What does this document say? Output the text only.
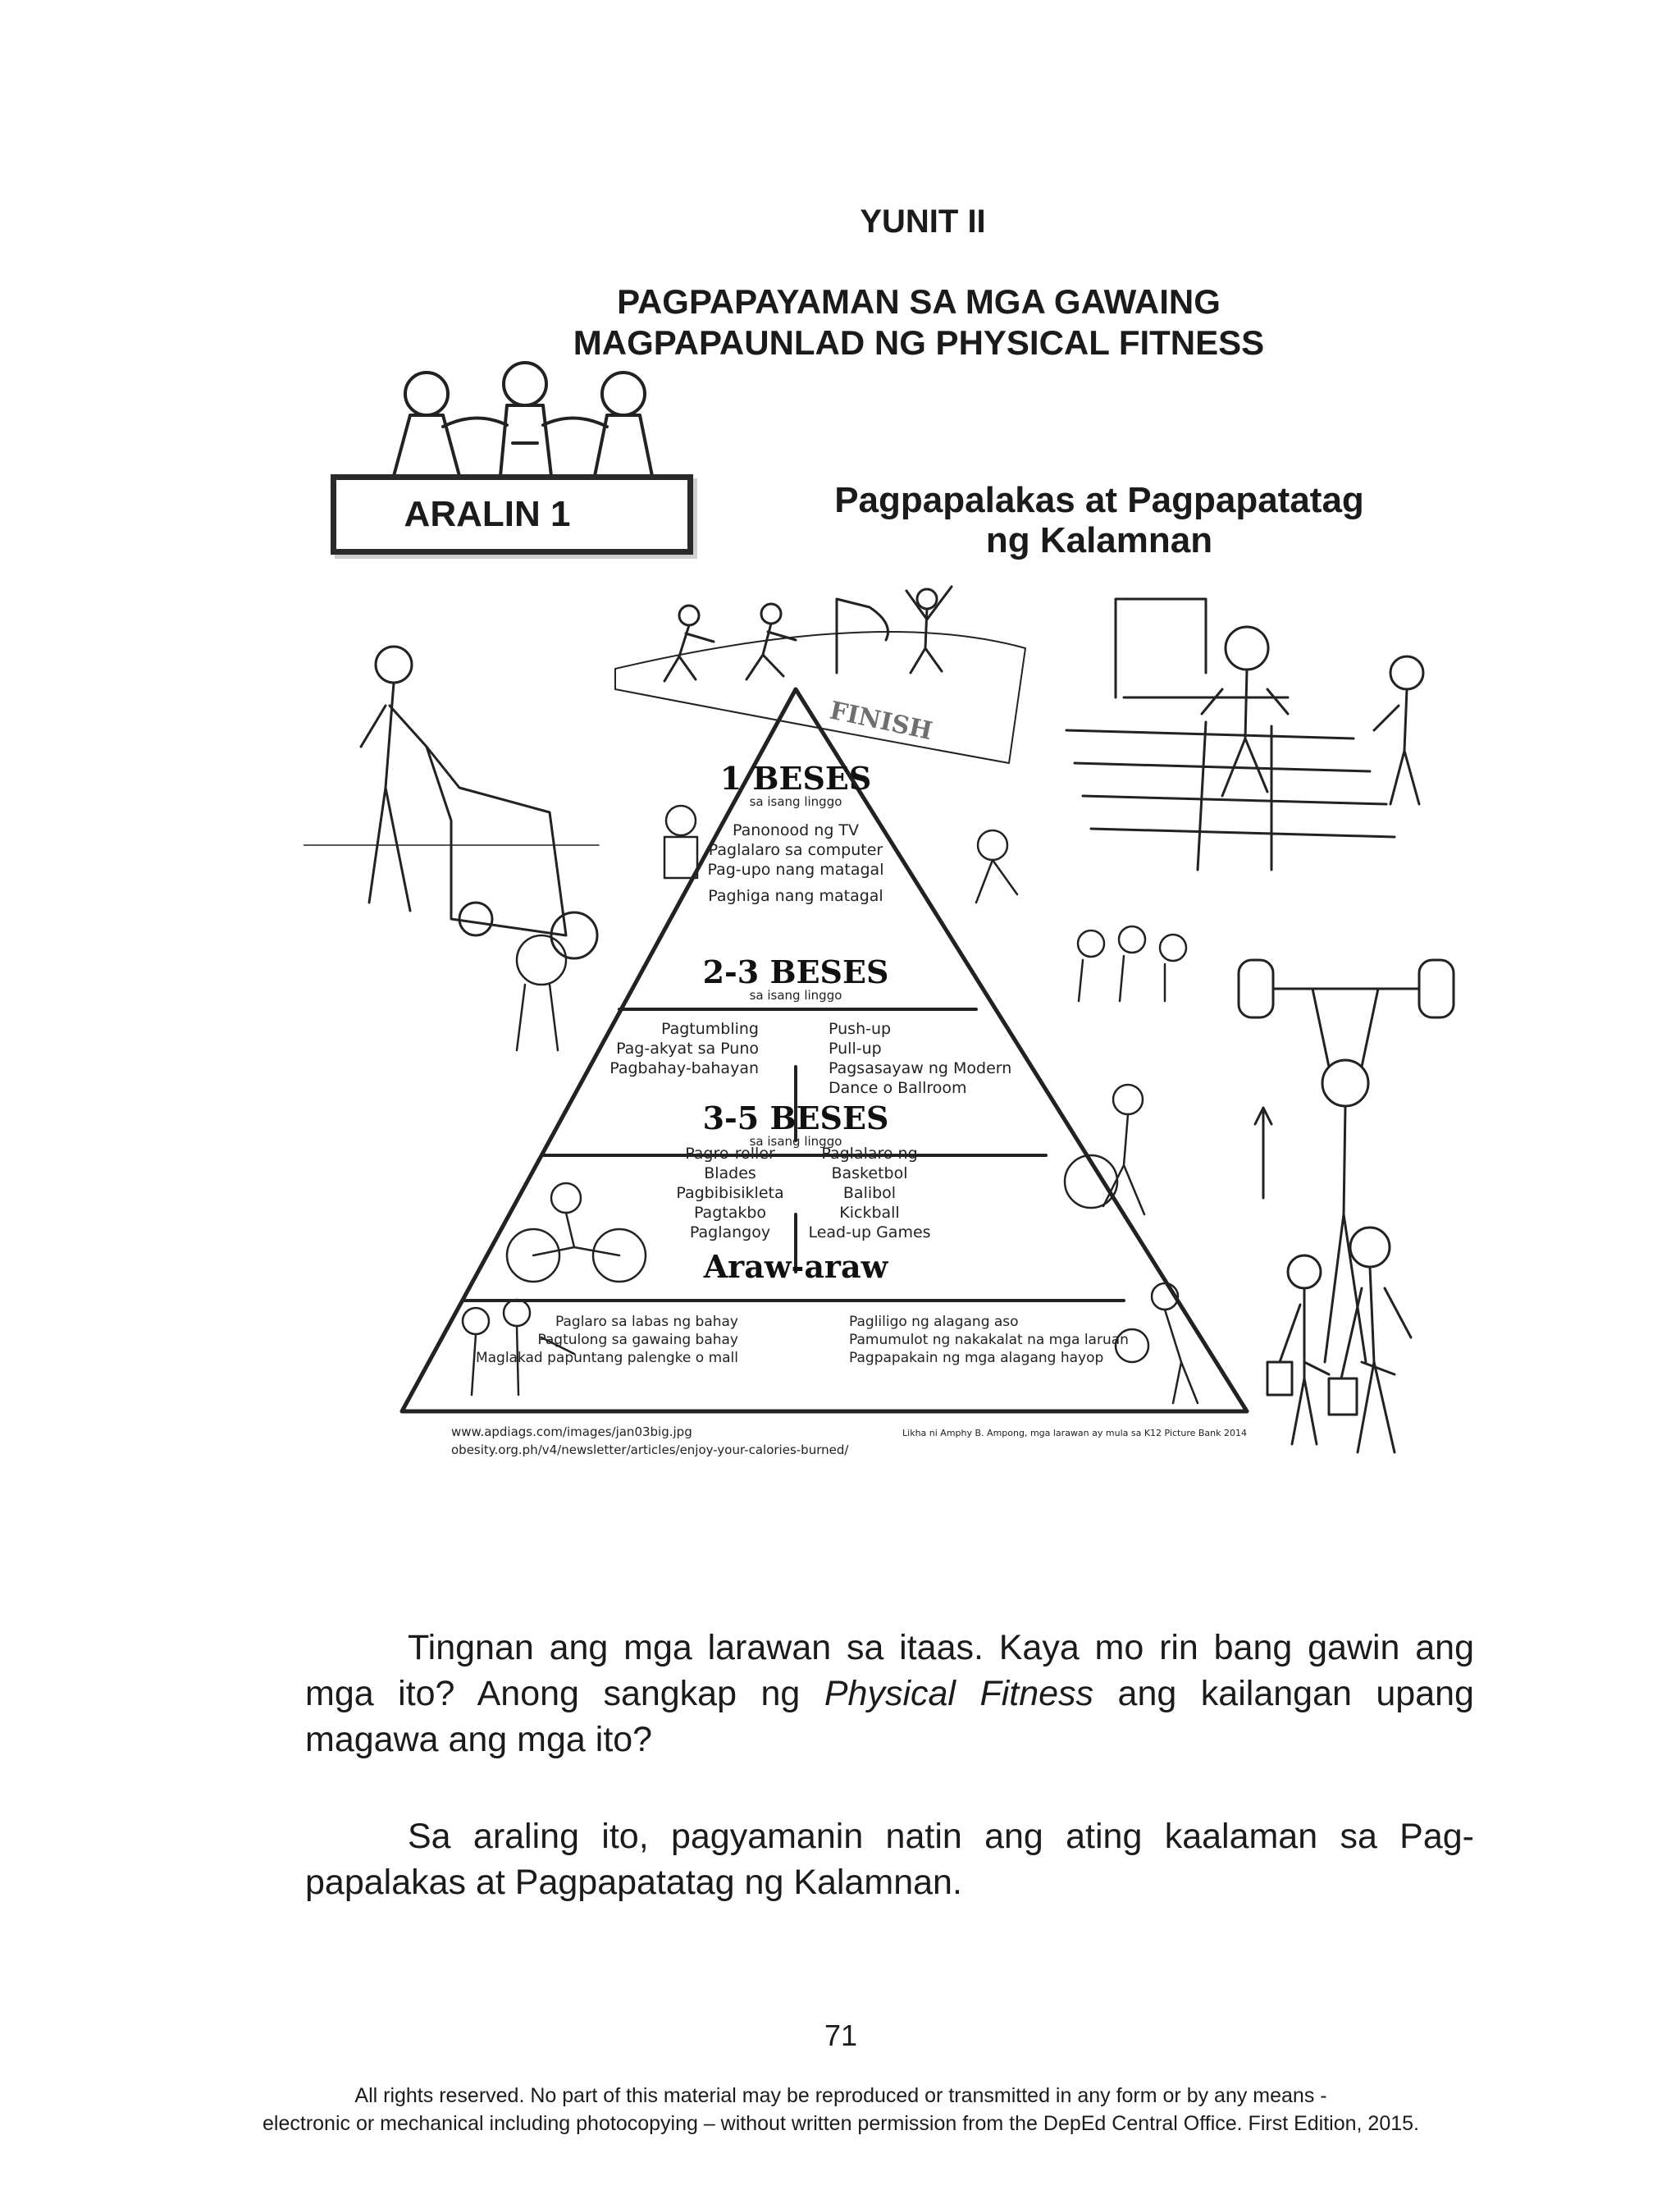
YUNIT II
PAGPAPAYAMAN SA MGA GAWAING
MAGPAPAUNLAD NG PHYSICAL FITNESS
ARALIN 1	Pagpapalakas at Pagpapatatag
ng Kalamnan
FINISH
1 BESES
sa isang linggo
Panonood ng TV
Paglalaro sa computer
Pag-upo nang matagal
Paghiga nang matagal
2-3 BESES
sa isang linggo
Pagtumbling
Pag-akyat sa Puno
Pagbahay-bahayan
Push-up
Pull-up
Pagsasayaw ng Modern
Dance o Ballroom
3-5 BESES
sa isang linggo
Pagro-roller
Blades
Pagbibisikleta
Pagtakbo
Paglangoy
Paglalaro ng
Basketbol
Balibol
Kickball
Lead-up Games
Araw-araw
Paglaro sa labas ng bahay
Pagtulong sa gawaing bahay
Maglakad papuntang palengke o mall
Pagliligo ng alagang aso
Pamumulot ng nakakalat na mga laruan
Pagpapakain ng mga alagang hayop
www.apdiags.com/images/jan03big.jpg
obesity.org.ph/v4/newsletter/articles/enjoy-your-calories-burned/
Likha ni Amphy B. Ampong, mga larawan ay mula sa K12 Picture Bank 2014
Tingnan ang mga larawan sa itaas. Kaya mo rin bang gawin ang mga ito? Anong sangkap ng Physical Fitness ang kailangan upang magawa ang mga ito?
Sa araling ito, pagyamanin natin ang ating kaalaman sa Pag-papalakas at Pagpapatatag ng Kalamnan.
71
All rights reserved. No part of this material may be reproduced or transmitted in any form or by any means -
electronic or mechanical including photocopying – without written permission from the DepEd Central Office. First Edition, 2015.
